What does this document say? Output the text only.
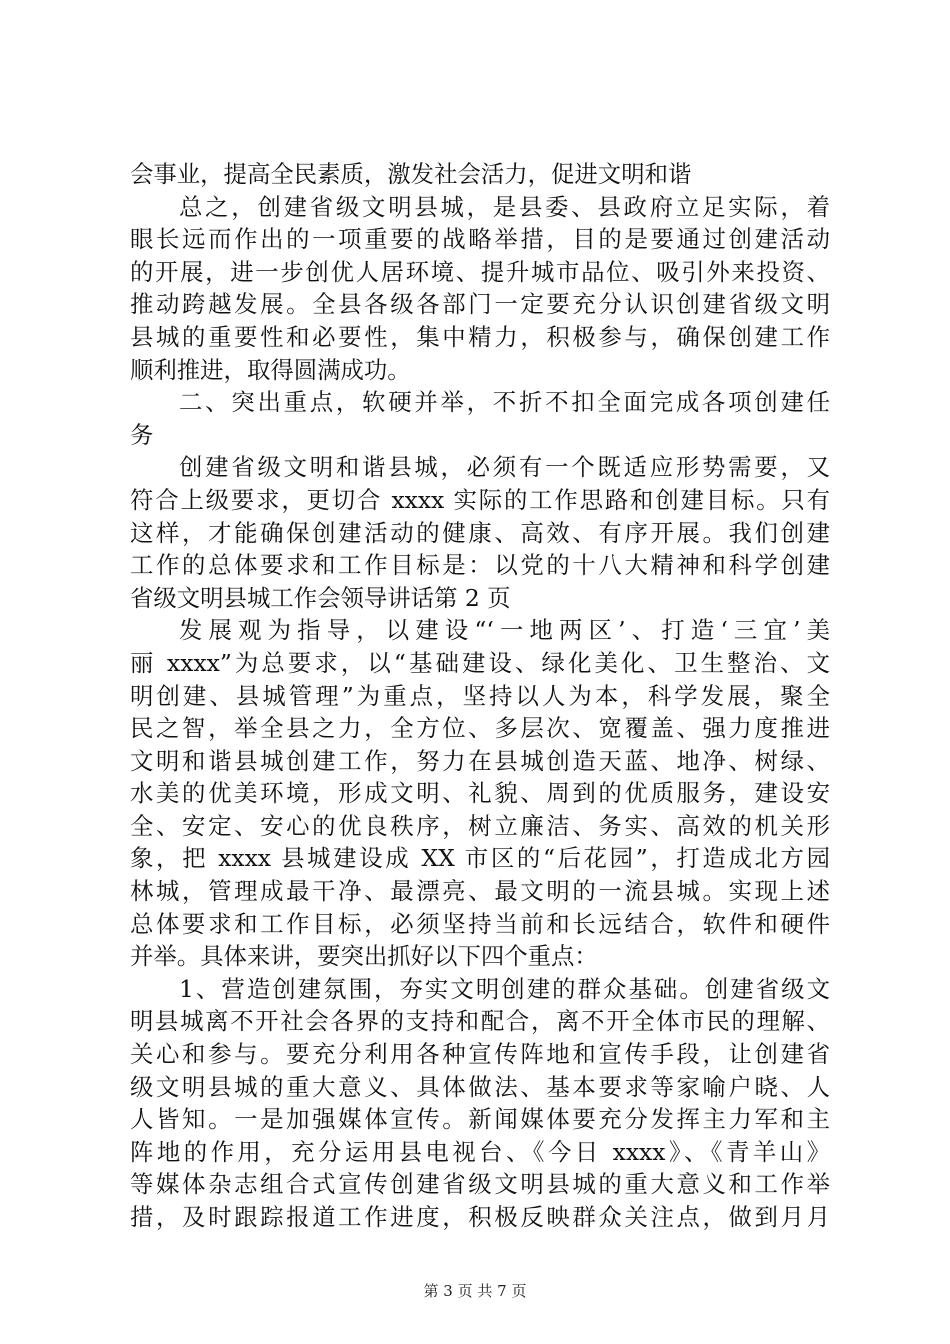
会事业，提高全民素质，激发社会活力，促进文明和谐
总之，创建省级文明县城，是县委、县政府立足实际，着
眼长远而作出的一项重要的战略举措，目的是要通过创建活动
的开展，进一步创优人居环境、提升城市品位、吸引外来投资、
推动跨越发展。全县各级各部门一定要充分认识创建省级文明
县城的重要性和必要性，集中精力，积极参与，确保创建工作
顺利推进，取得圆满成功。
二、突出重点，软硬并举，不折不扣全面完成各项创建任
务
创建省级文明和谐县城，必须有一个既适应形势需要，又
符合上级要求，更切合 xxxx 实际的工作思路和创建目标。只有
这样，才能确保创建活动的健康、高效、有序开展。我们创建
工作的总体要求和工作目标是：以党的十八大精神和科学创建
省级文明县城工作会领导讲话第 2 页
发展观为指导，以建设“‘一地两区’、打造‘三宜’美
丽 xxxx”为总要求，以“基础建设、绿化美化、卫生整治、文
明创建、县城管理”为重点，坚持以人为本，科学发展，聚全
民之智，举全县之力，全方位、多层次、宽覆盖、强力度推进
文明和谐县城创建工作，努力在县城创造天蓝、地净、树绿、
水美的优美环境，形成文明、礼貌、周到的优质服务，建设安
全、安定、安心的优良秩序，树立廉洁、务实、高效的机关形
象，把 xxxx 县城建设成 XX 市区的“后花园”，打造成北方园
林城，管理成最干净、最漂亮、最文明的一流县城。实现上述
总体要求和工作目标，必须坚持当前和长远结合，软件和硬件
并举。具体来讲，要突出抓好以下四个重点：
1、营造创建氛围，夯实文明创建的群众基础。创建省级文
明县城离不开社会各界的支持和配合，离不开全体市民的理解、
关心和参与。要充分利用各种宣传阵地和宣传手段，让创建省
级文明县城的重大意义、具体做法、基本要求等家喻户晓、人
人皆知。一是加强媒体宣传。新闻媒体要充分发挥主力军和主
阵地的作用，充分运用县电视台、《今日 xxxx》、《青羊山》
等媒体杂志组合式宣传创建省级文明县城的重大意义和工作举
措，及时跟踪报道工作进度，积极反映群众关注点，做到月月
第 3 页 共 7 页
